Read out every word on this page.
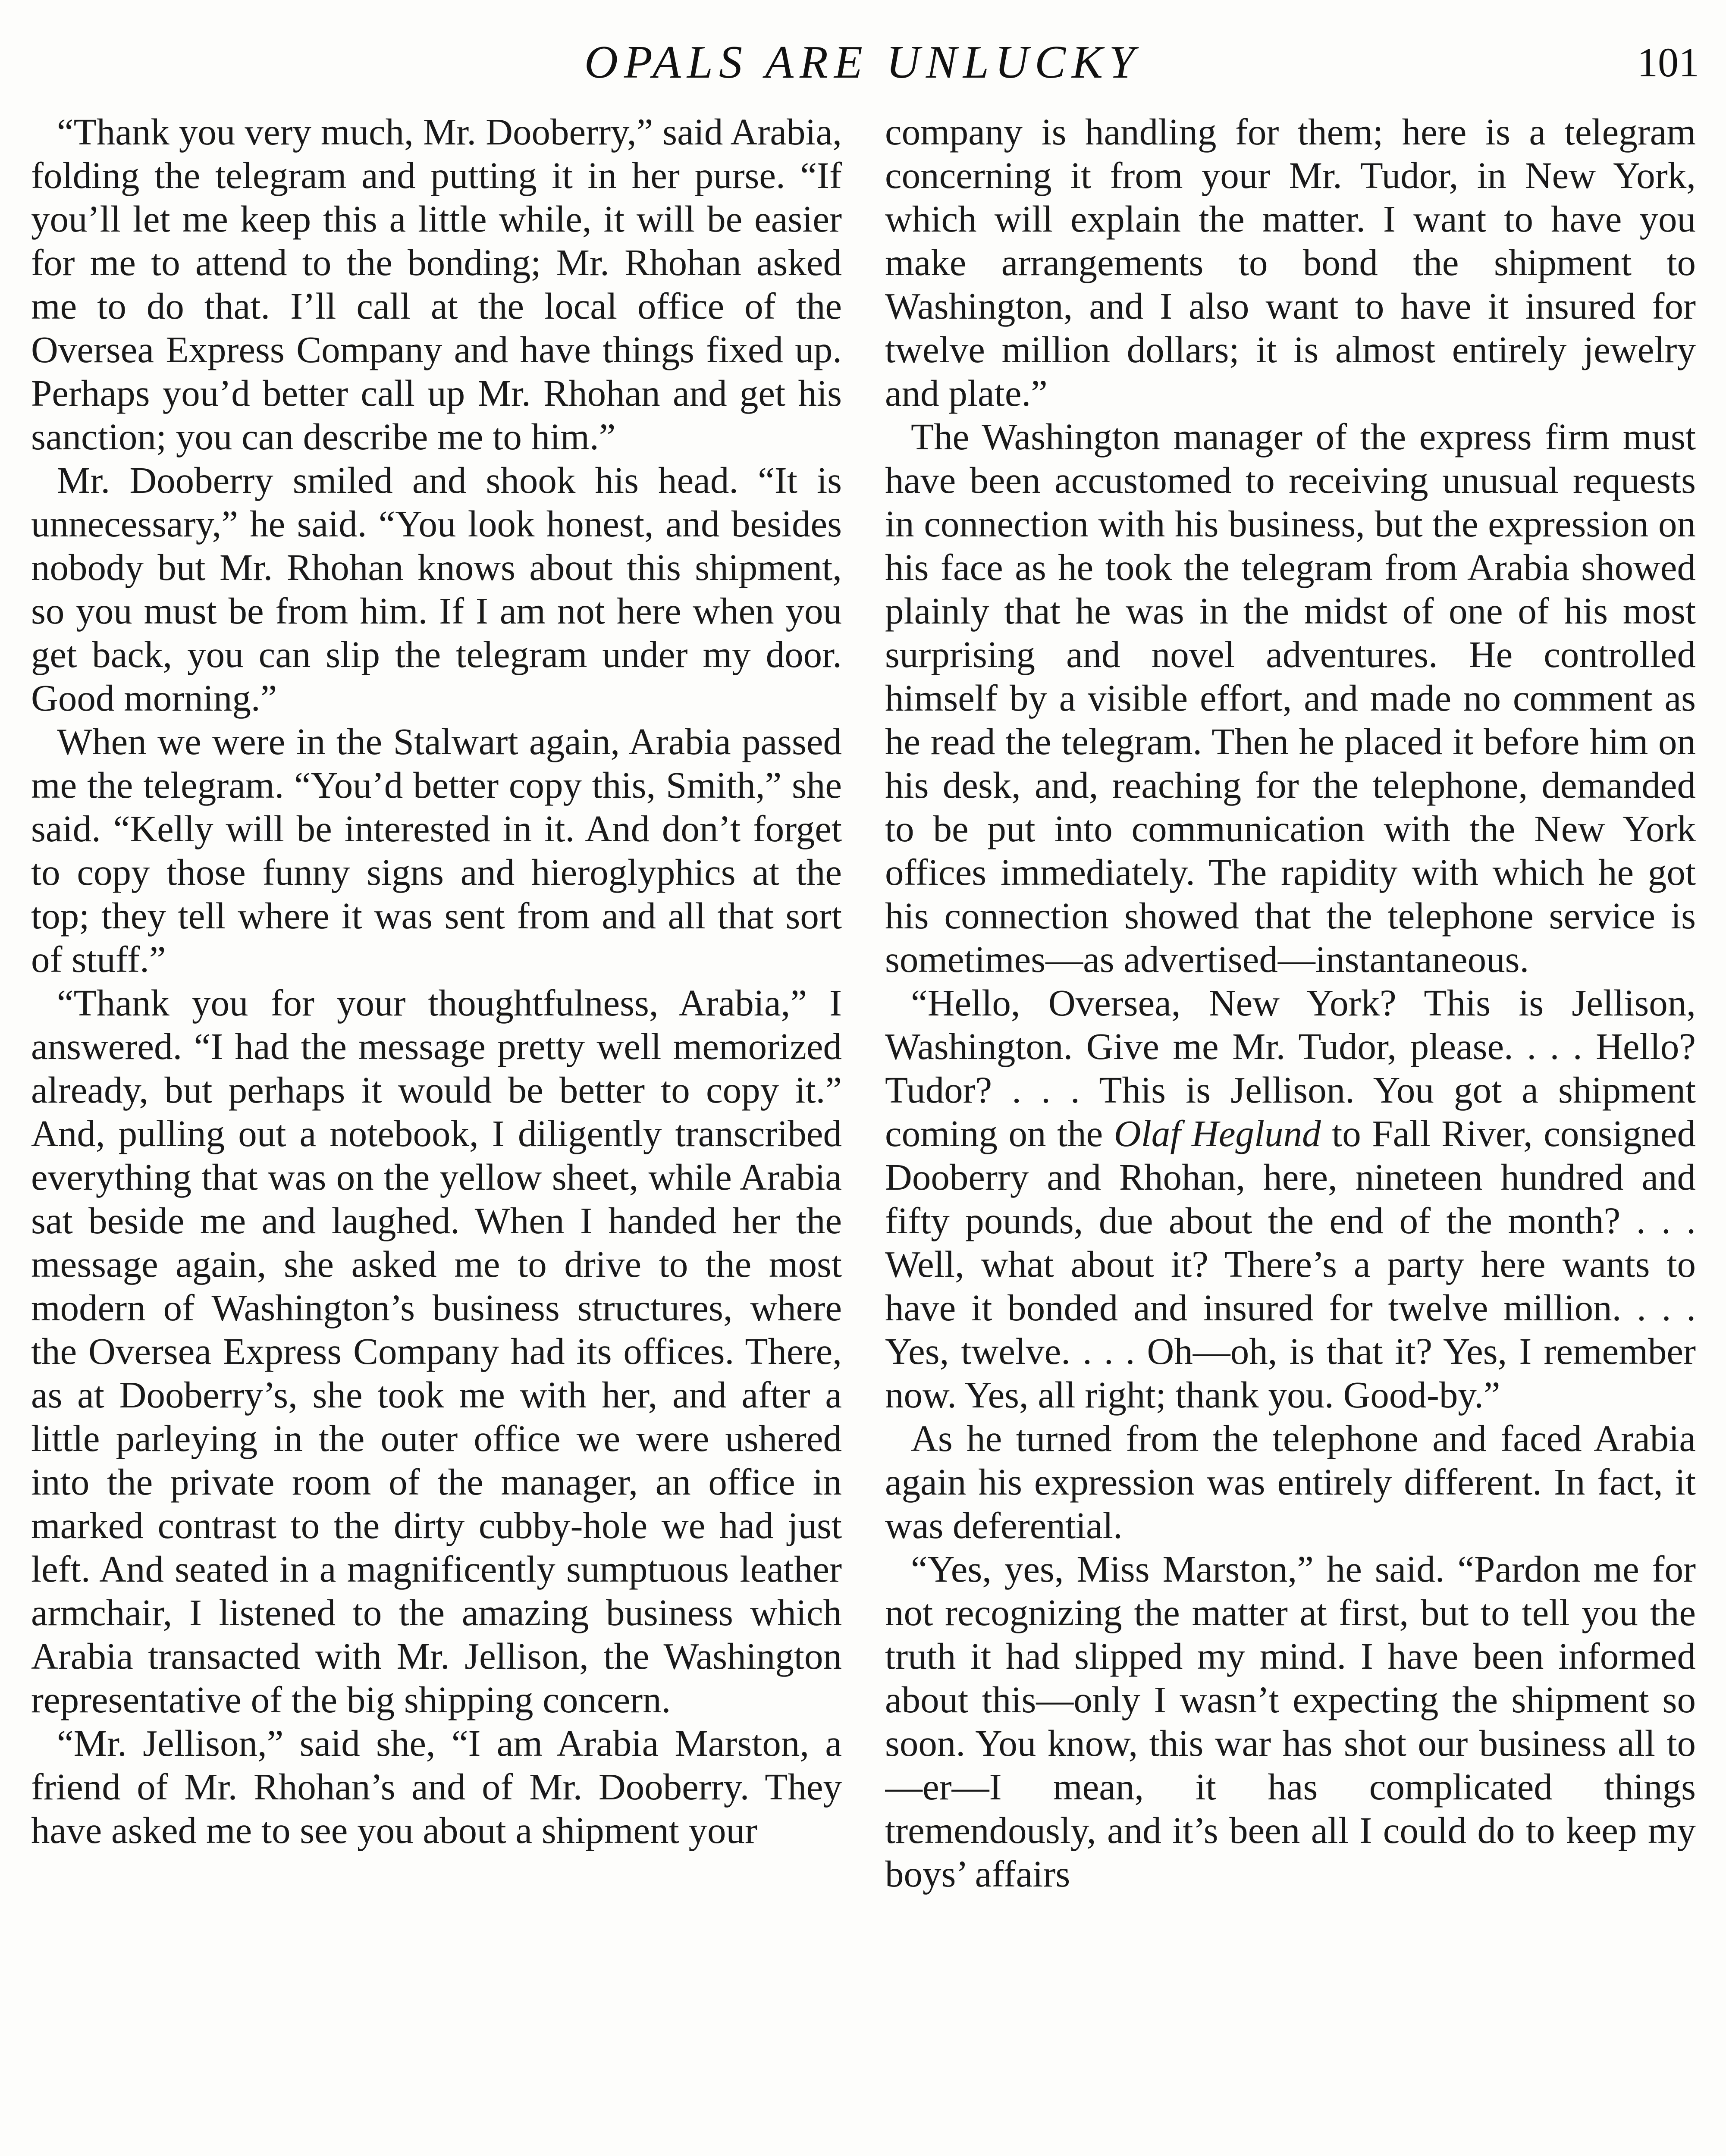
OPALS ARE UNLUCKY	101

“Thank you very much, Mr. Dooberry,” said Arabia, folding the telegram and putting it in her purse. “If you’ll let me keep this a little while, it will be easier for me to attend to the bonding; Mr. Rhohan asked me to do that. I’ll call at the local office of the Oversea Express Company and have things fixed up. Perhaps you’d better call up Mr. Rhohan and get his sanction; you can describe me to him.”

Mr. Dooberry smiled and shook his head. “It is unnecessary,” he said. “You look honest, and besides nobody but Mr. Rhohan knows about this shipment, so you must be from him. If I am not here when you get back, you can slip the telegram under my door. Good morning.”

When we were in the Stalwart again, Arabia passed me the telegram. “You’d better copy this, Smith,” she said. “Kelly will be interested in it. And don’t forget to copy those funny signs and hieroglyphics at the top; they tell where it was sent from and all that sort of stuff.”

“Thank you for your thoughtfulness, Arabia,” I answered. “I had the message pretty well memorized already, but perhaps it would be better to copy it.” And, pulling out a notebook, I diligently transcribed everything that was on the yellow sheet, while Arabia sat beside me and laughed. When I handed her the message again, she asked me to drive to the most modern of Washington’s business structures, where the Oversea Express Company had its offices. There, as at Dooberry’s, she took me with her, and after a little parleying in the outer office we were ushered into the private room of the manager, an office in marked contrast to the dirty cubby-hole we had just left. And seated in a magnificently sumptuous leather armchair, I listened to the amazing business which Arabia transacted with Mr. Jellison, the Washington representative of the big shipping concern.

“Mr. Jellison,” said she, “I am Arabia Marston, a friend of Mr. Rhohan’s and of Mr. Dooberry. They have asked me to see you about a shipment your

company is handling for them; here is a telegram concerning it from your Mr. Tudor, in New York, which will explain the matter. I want to have you make arrangements to bond the shipment to Washington, and I also want to have it insured for twelve million dollars; it is almost entirely jewelry and plate.”

The Washington manager of the express firm must have been accustomed to receiving unusual requests in connection with his business, but the expression on his face as he took the telegram from Arabia showed plainly that he was in the midst of one of his most surprising and novel adventures. He controlled himself by a visible effort, and made no comment as he read the telegram. Then he placed it before him on his desk, and, reaching for the telephone, demanded to be put into communication with the New York offices immediately. The rapidity with which he got his connection showed that the telephone service is sometimes—as advertised—instantaneous.

“Hello, Oversea, New York? This is Jellison, Washington. Give me Mr. Tudor, please. . . . Hello? Tudor? . . . This is Jellison. You got a shipment coming on the Olaf Heglund to Fall River, consigned Dooberry and Rhohan, here, nineteen hundred and fifty pounds, due about the end of the month? . . . Well, what about it? There’s a party here wants to have it bonded and insured for twelve million. . . . Yes, twelve. . . . Oh—oh, is that it? Yes, I remember now. Yes, all right; thank you. Good-by.”

As he turned from the telephone and faced Arabia again his expression was entirely different. In fact, it was deferential.

“Yes, yes, Miss Marston,” he said. “Pardon me for not recognizing the matter at first, but to tell you the truth it had slipped my mind. I have been informed about this—only I wasn’t expecting the shipment so soon. You know, this war has shot our business all to—er—I mean, it has complicated things tremendously, and it’s been all I could do to keep my boys’ affairs
